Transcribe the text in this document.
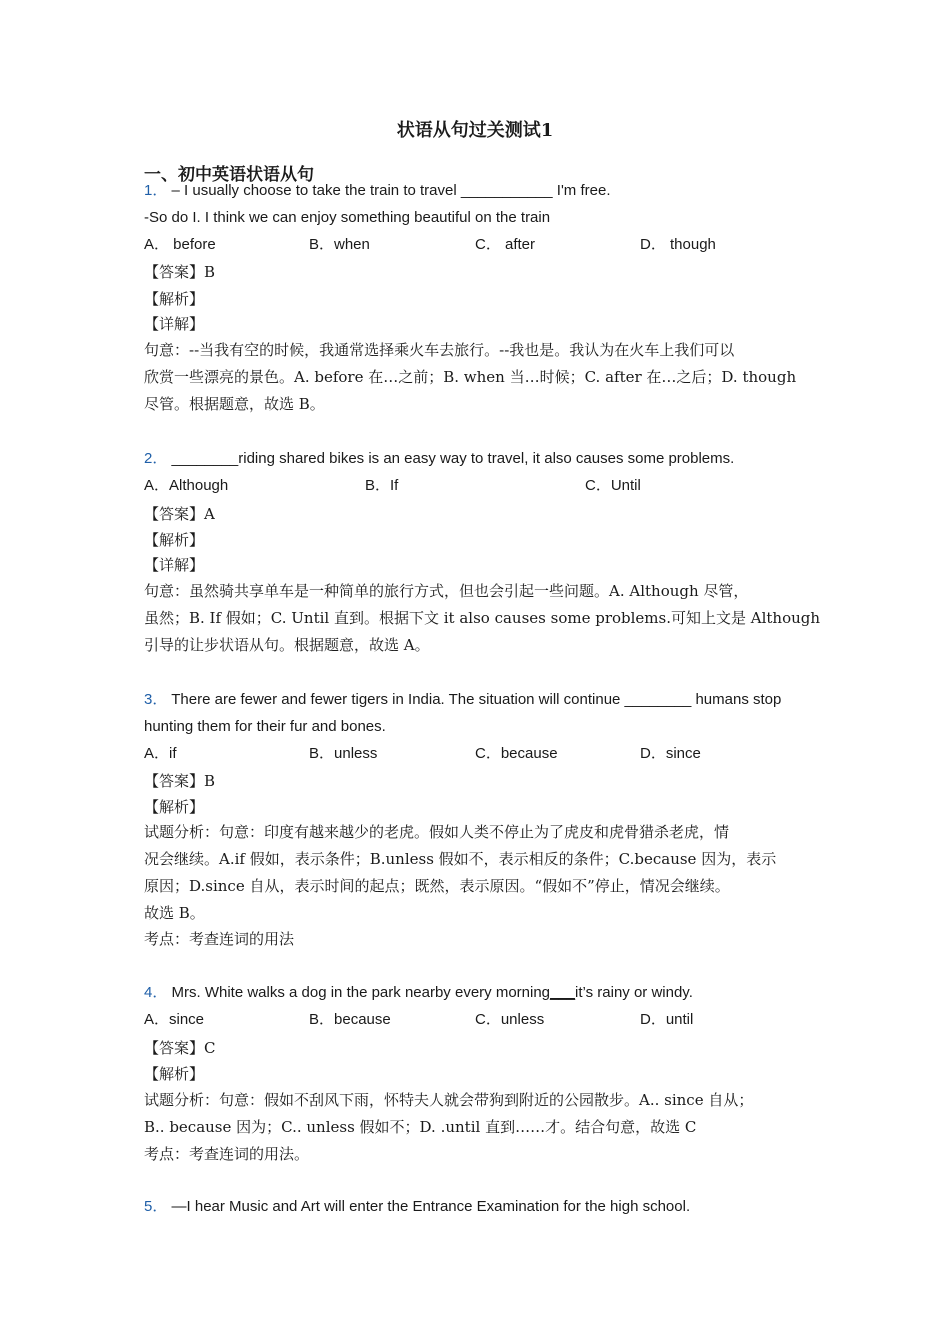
状语从句过关测试1
一、初中英语状语从句
1． – I usually choose to take the train to travel ___________ I'm free.
-So do I. I think we can enjoy something beautiful on the train
A． before	B．when	C． after	D． though
【答案】B
【解析】
【详解】
句意：--当我有空的时候，我通常选择乘火车去旅行。--我也是。我认为在火车上我们可以
欣赏一些漂亮的景色。A. before 在…之前；B. when 当…时候；C. after 在…之后；D. though
尽管。根据题意，故选 B。
2． ________riding shared bikes is an easy way to travel, it also causes some problems.
A．Although	B．If	C．Until
【答案】A
【解析】
【详解】
句意：虽然骑共享单车是一种简单的旅行方式，但也会引起一些问题。A. Although 尽管，
虽然；B. If 假如；C. Until 直到。根据下文 it also causes some problems.可知上文是 Although
引导的让步状语从句。根据题意，故选 A。
3． There are fewer and fewer tigers in India. The situation will continue ________ humans stop
hunting them for their fur and bones.
A．if	B．unless	C．because	D．since
【答案】B
【解析】
试题分析：句意：印度有越来越少的老虎。假如人类不停止为了虎皮和虎骨猎杀老虎，情
况会继续。A.if 假如，表示条件；B.unless 假如不，表示相反的条件；C.because 因为，表示
原因；D.since 自从，表示时间的起点；既然，表示原因。“假如不”停止，情况会继续。
故选 B。
考点：考查连词的用法
4． Mrs. White walks a dog in the park nearby every morning___it’s rainy or windy.
A．since	B．because	C．unless	D．until
【答案】C
【解析】
试题分析：句意：假如不刮风下雨，怀特夫人就会带狗到附近的公园散步。A.. since 自从；
B.. because 因为；C.. unless 假如不；D. .until 直到……才。结合句意，故选 C
考点：考查连词的用法。
5． —I hear Music and Art will enter the Entrance Examination for the high school.
